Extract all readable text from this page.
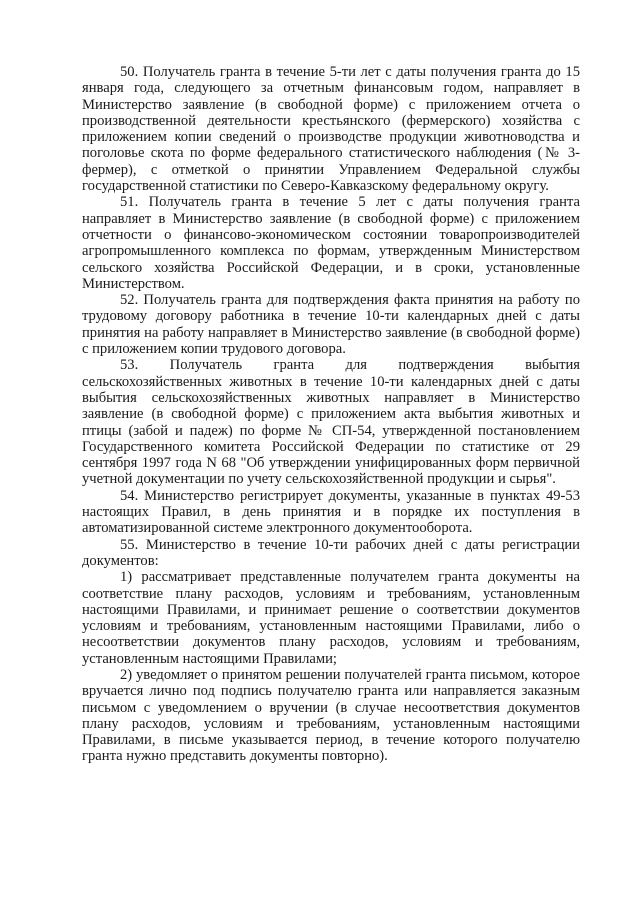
50. Получатель гранта в течение 5-ти лет с даты получения гранта до 15 января года, следующего за отчетным финансовым годом, направляет в Министерство заявление (в свободной форме) с приложением отчета о производственной деятельности крестьянского (фермерского) хозяйства с приложением копии сведений о производстве продукции животноводства и поголовье скота по форме федерального статистического наблюдения (№ 3-фермер), с отметкой о принятии Управлением Федеральной службы государственной статистики по Северо-Кавказскому федеральному округу.

51. Получатель гранта в течение 5 лет с даты получения гранта направляет в Министерство заявление (в свободной форме) с приложением отчетности о финансово-экономическом состоянии товаропроизводителей агропромышленного комплекса по формам, утвержденным Министерством сельского хозяйства Российской Федерации, и в сроки, установленные Министерством.

52. Получатель гранта для подтверждения факта принятия на работу по трудовому договору работника в течение 10-ти календарных дней с даты принятия на работу направляет в Министерство заявление (в свободной форме) с приложением копии трудового договора.

53. Получатель гранта для подтверждения выбытия сельскохозяйственных животных в течение 10-ти календарных дней с даты выбытия сельскохозяйственных животных направляет в Министерство заявление (в свободной форме) с приложением акта выбытия животных и птицы (забой и падеж) по форме № СП-54, утвержденной постановлением Государственного комитета Российской Федерации по статистике от 29 сентября 1997 года N 68 "Об утверждении унифицированных форм первичной учетной документации по учету сельскохозяйственной продукции и сырья".

54. Министерство регистрирует документы, указанные в пунктах 49-53 настоящих Правил, в день принятия и в порядке их поступления в автоматизированной системе электронного документооборота.

55. Министерство в течение 10-ти рабочих дней с даты регистрации документов:

1) рассматривает представленные получателем гранта документы на соответствие плану расходов, условиям и требованиям, установленным настоящими Правилами, и принимает решение о соответствии документов условиям и требованиям, установленным настоящими Правилами, либо о несоответствии документов плану расходов, условиям и требованиям, установленным настоящими Правилами;

2) уведомляет о принятом решении получателей гранта письмом, которое вручается лично под подпись получателю гранта или направляется заказным письмом с уведомлением о вручении (в случае несоответствия документов плану расходов, условиям и требованиям, установленным настоящими Правилами, в письме указывается период, в течение которого получателю гранта нужно представить документы повторно).
